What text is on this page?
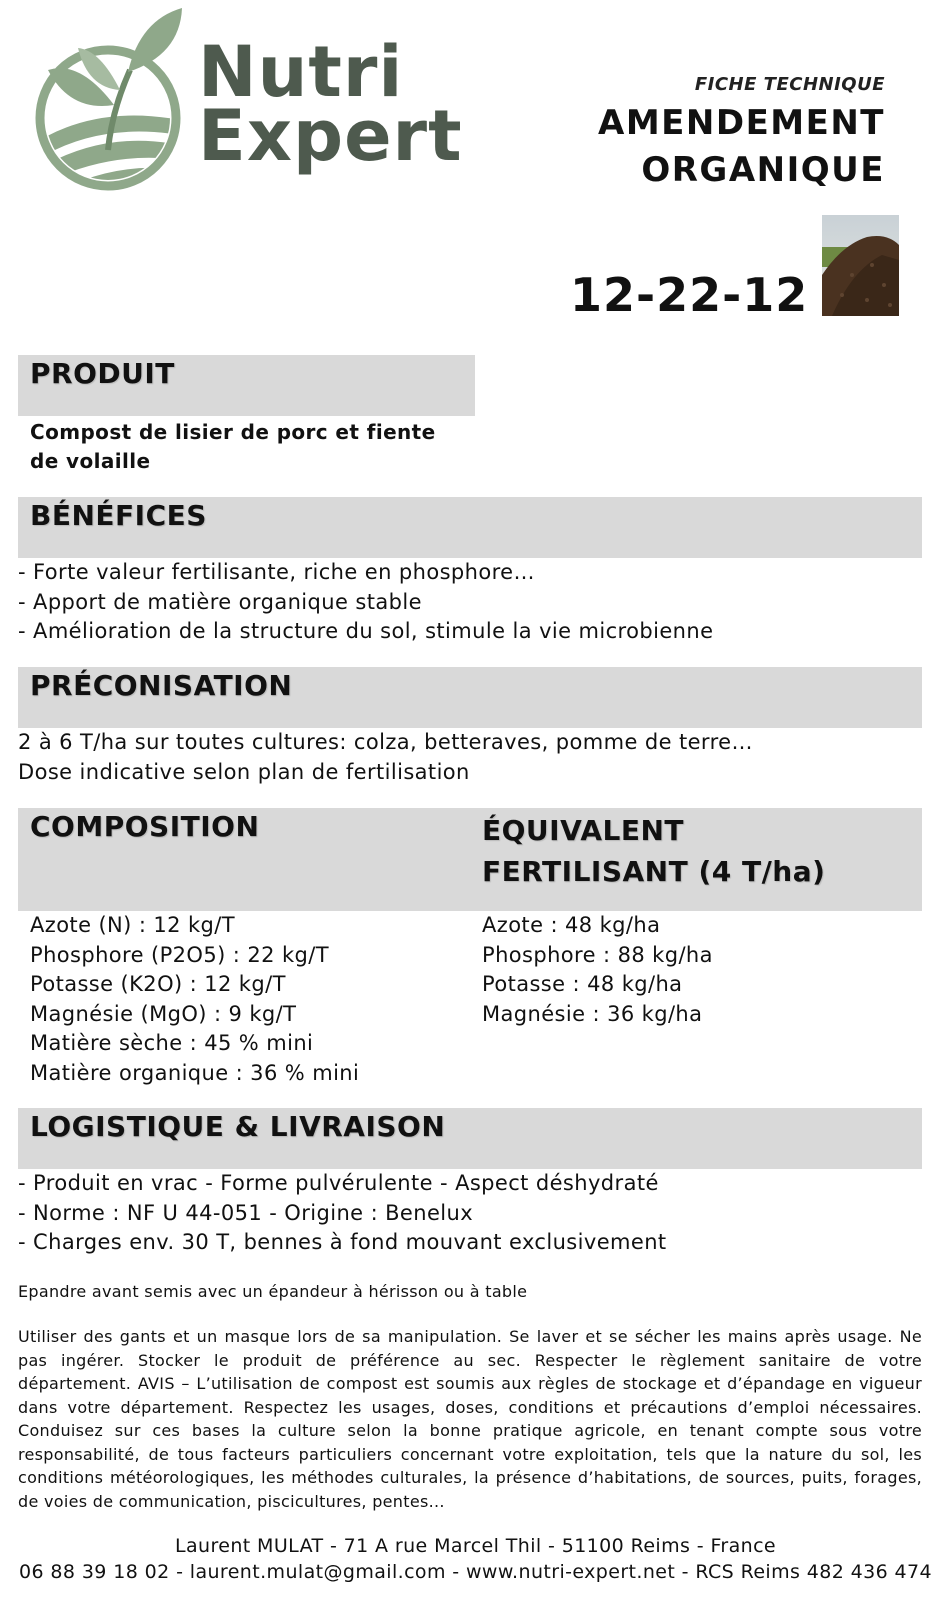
Nutri
Expert
FICHE TECHNIQUE
AMENDEMENT
ORGANIQUE
12-22-12
PRODUIT
Compost de lisier de porc et fiente
de volaille
BÉNÉFICES
- Forte valeur fertilisante, riche en phosphore…
- Apport de matière organique stable
- Amélioration de la structure du sol, stimule la vie microbienne
PRÉCONISATION
2 à 6 T/ha sur toutes cultures: colza, betteraves, pomme de terre…
Dose indicative selon plan de fertilisation
COMPOSITION	ÉQUIVALENT
FERTILISANT (4 T/ha)
Azote (N) : 12 kg/T
Phosphore (P2O5) : 22 kg/T
Potasse (K2O) : 12 kg/T
Magnésie (MgO) : 9 kg/T
Matière sèche : 45 % mini
Matière organique : 36 % mini
Azote : 48 kg/ha
Phosphore : 88 kg/ha
Potasse : 48 kg/ha
Magnésie : 36 kg/ha
LOGISTIQUE & LIVRAISON
- Produit en vrac - Forme pulvérulente - Aspect déshydraté
- Norme : NF U 44-051 - Origine : Benelux
- Charges env. 30 T, bennes à fond mouvant exclusivement
Epandre avant semis avec un épandeur à hérisson ou à table
Utiliser des gants et un masque lors de sa manipulation. Se laver et se sécher les mains après usage. Ne pas ingérer. Stocker le produit de préférence au sec. Respecter le règlement sanitaire de votre département. AVIS – L’utilisation de compost est soumis aux règles de stockage et d’épandage en vigueur dans votre département. Respectez les usages, doses, conditions et précautions d’emploi nécessaires. Conduisez sur ces bases la culture selon la bonne pratique agricole, en tenant compte sous votre responsabilité, de tous facteurs particuliers concernant votre exploitation, tels que la nature du sol, les conditions météorologiques, les méthodes culturales, la présence d’habitations, de sources, puits, forages, de voies de communication, piscicultures, pentes...
Laurent MULAT - 71 A rue Marcel Thil - 51100 Reims - France
06 88 39 18 02 - laurent.mulat@gmail.com - www.nutri-expert.net - RCS Reims 482 436 474
